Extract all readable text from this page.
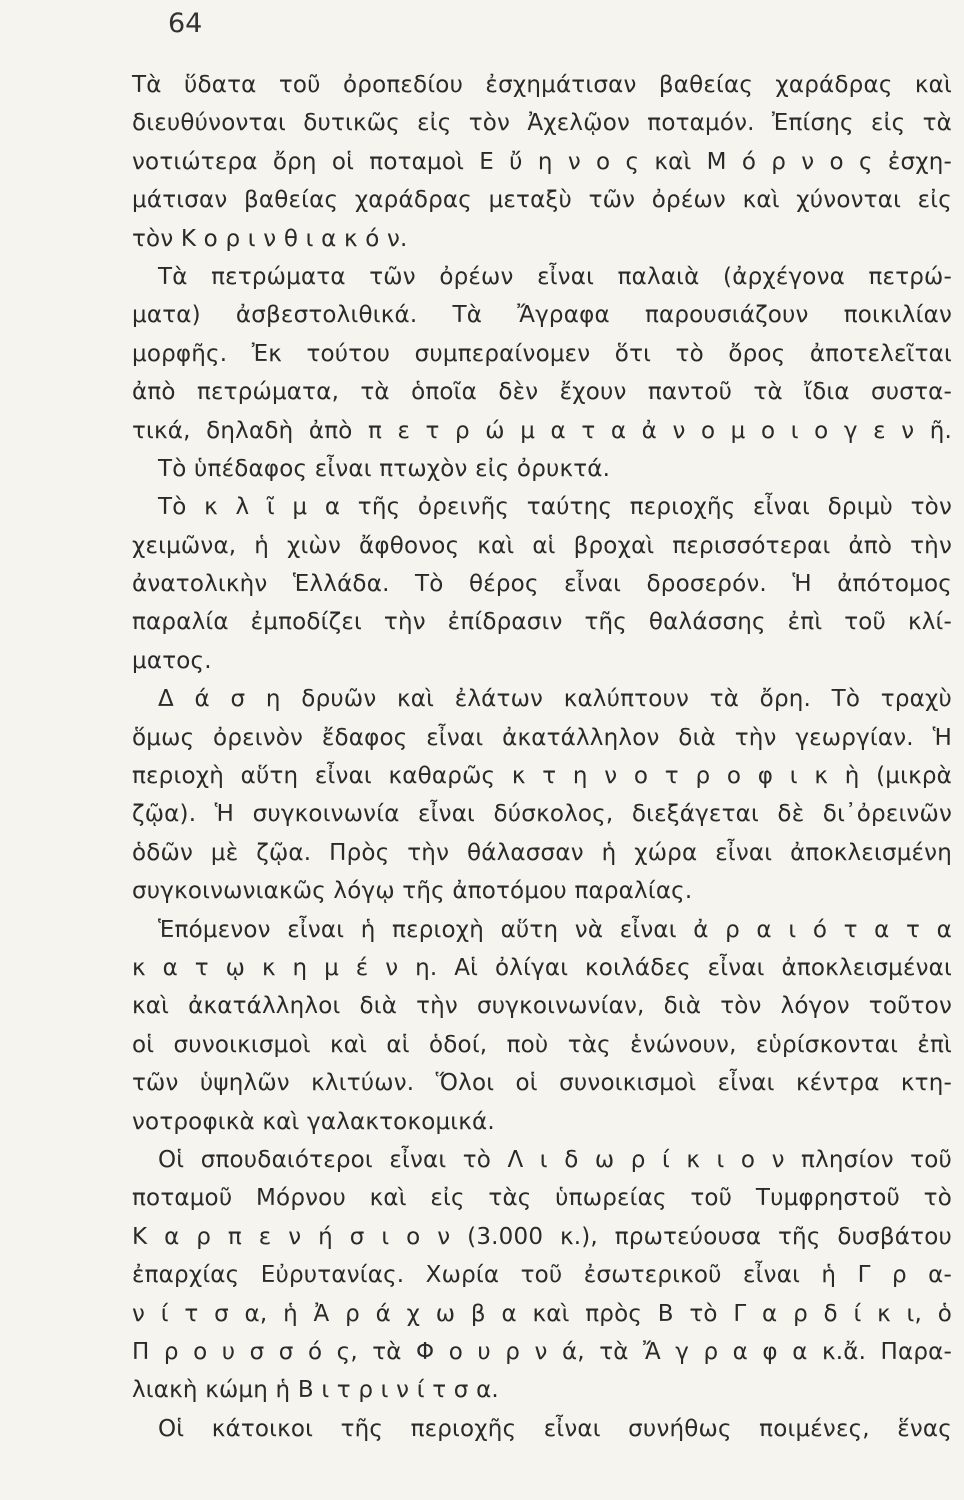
64
Τὰ ὕδατα τοῦ ὀροπεδίου ἐσχημάτισαν βαθείας χαράδρας καὶ
διευθύνονται δυτικῶς εἰς τὸν Ἀχελῷον ποταμόν. Ἐπίσης εἰς τὰ
νοτιώτερα ὄρη οἱ ποταμοὶ Ε ὔ η ν ο ς καὶ Μ ό ρ ν ο ς ἐσχη-
μάτισαν βαθείας χαράδρας μεταξὺ τῶν ὀρέων καὶ χύνονται εἰς
τὸν Κ ο ρ ι ν θ ι α κ ό ν.
Τὰ πετρώματα τῶν ὀρέων εἶναι παλαιὰ (ἀρχέγονα πετρώ-
ματα) ἀσβεστολιθικά. Τὰ Ἄγραφα παρουσιάζουν ποικιλίαν
μορφῆς. Ἐκ τούτου συμπεραίνομεν ὅτι τὸ ὄρος ἀποτελεῖται
ἀπὸ πετρώματα, τὰ ὁποῖα δὲν ἔχουν παντοῦ τὰ ἴδια συστα-
τικά, δηλαδὴ ἀπὸ π ε τ ρ ώ μ α τ α ἀ ν ο μ ο ι ο γ ε ν ῆ.
Τὸ ὑπέδαφος εἶναι πτωχὸν εἰς ὀρυκτά.
Τὸ κ λ ῖ μ α τῆς ὀρεινῆς ταύτης περιοχῆς εἶναι δριμὺ τὸν
χειμῶνα, ἡ χιὼν ἄφθονος καὶ αἱ βροχαὶ περισσότεραι ἀπὸ τὴν
ἀνατολικὴν Ἑλλάδα. Τὸ θέρος εἶναι δροσερόν. Ἡ ἀπότομος
παραλία ἐμποδίζει τὴν ἐπίδρασιν τῆς θαλάσσης ἐπὶ τοῦ κλί-
ματος.
Δ ά σ η δρυῶν καὶ ἐλάτων καλύπτουν τὰ ὄρη. Τὸ τραχὺ
ὅμως ὀρεινὸν ἔδαφος εἶναι ἀκατάλληλον διὰ τὴν γεωργίαν. Ἡ
περιοχὴ αὕτη εἶναι καθαρῶς κ τ η ν ο τ ρ ο φ ι κ ὴ (μικρὰ
ζῷα). Ἡ συγκοινωνία εἶναι δύσκολος, διεξάγεται δὲ δι᾿ὀρεινῶν
ὁδῶν μὲ ζῷα. Πρὸς τὴν θάλασσαν ἡ χώρα εἶναι ἀποκλεισμένη
συγκοινωνιακῶς λόγῳ τῆς ἀποτόμου παραλίας.
Ἑπόμενον εἶναι ἡ περιοχὴ αὕτη νὰ εἶναι ἀ ρ α ι ό τ α τ α
κ α τ ῳ κ η μ έ ν η. Αἱ ὀλίγαι κοιλάδες εἶναι ἀποκλεισμέναι
καὶ ἀκατάλληλοι διὰ τὴν συγκοινωνίαν, διὰ τὸν λόγον τοῦτον
οἱ συνοικισμοὶ καὶ αἱ ὁδοί, ποὺ τὰς ἑνώνουν, εὑρίσκονται ἐπὶ
τῶν ὑψηλῶν κλιτύων. Ὅλοι οἱ συνοικισμοὶ εἶναι κέντρα κτη-
νοτροφικὰ καὶ γαλακτοκομικά.
Οἱ σπουδαιότεροι εἶναι τὸ Λ ι δ ω ρ ί κ ι ο ν πλησίον τοῦ
ποταμοῦ Μόρνου καὶ εἰς τὰς ὑπωρείας τοῦ Τυμφρηστοῦ τὸ
Κ α ρ π ε ν ή σ ι ο ν (3.000 κ.), πρωτεύουσα τῆς δυσβάτου
ἐπαρχίας Εὐρυτανίας. Χωρία τοῦ ἐσωτερικοῦ εἶναι ἡ Γ ρ α-
ν ί τ σ α, ἡ Ἀ ρ ά χ ω β α καὶ πρὸς Β τὸ Γ α ρ δ ί κ ι, ὁ
Π ρ ο υ σ σ ό ς, τὰ Φ ο υ ρ ν ά, τὰ Ἄ γ ρ α φ α κ.ἄ. Παρα-
λιακὴ κώμη ἡ Β ι τ ρ ι ν ί τ σ α.
Οἱ κάτοικοι τῆς περιοχῆς εἶναι συνήθως ποιμένες, ἕνας
